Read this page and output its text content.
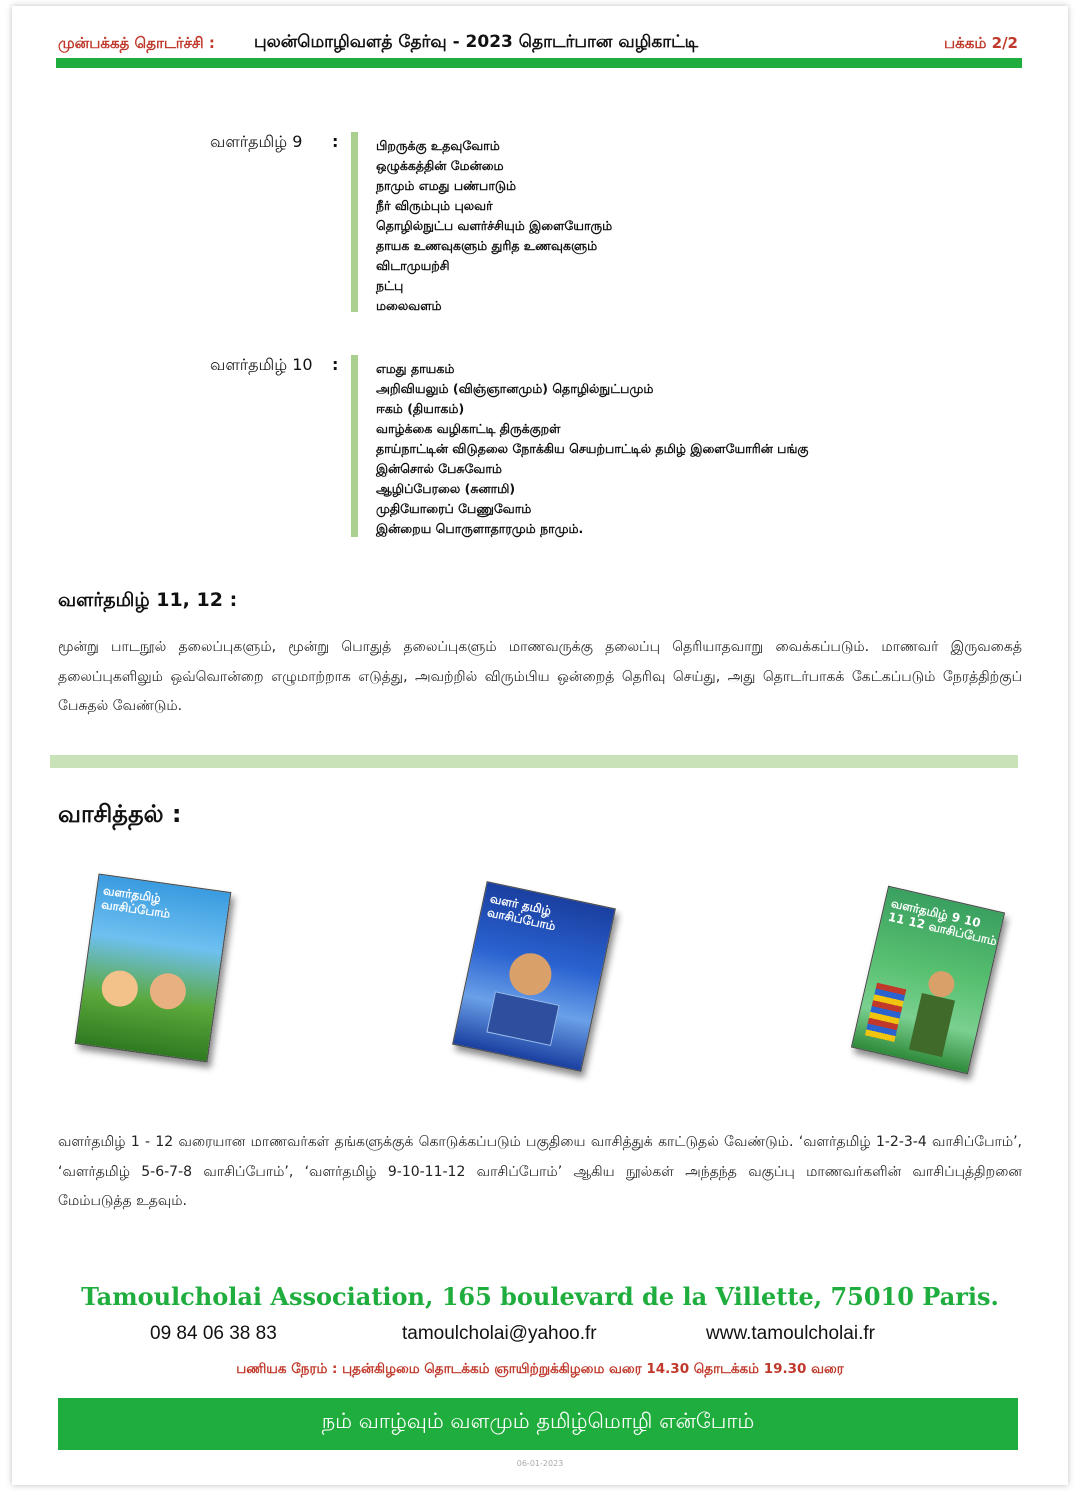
முன்பக்கத் தொடர்ச்சி : புலன்மொழிவளத் தேர்வு - 2023 தொடர்பான வழிகாட்டி	பக்கம் 2/2
வளர்தமிழ் 9	:	பிறருக்கு உதவுவோம்
ஒழுக்கத்தின் மேன்மை
நாமும் எமது பண்பாடும்
நீர் விரும்பும் புலவர்
தொழில்நுட்ப வளர்ச்சியும் இளையோரும்
தாயக உணவுகளும் துரித உணவுகளும்
விடாமுயற்சி
நட்பு
மலைவளம்
வளர்தமிழ் 10	:	எமது தாயகம்
அறிவியலும் (விஞ்ஞானமும்) தொழில்நுட்பமும்
ஈகம் (தியாகம்)
வாழ்க்கை வழிகாட்டி திருக்குறள்
தாய்நாட்டின் விடுதலை நோக்கிய செயற்பாட்டில் தமிழ் இளையோரின் பங்கு
இன்சொல் பேசுவோம்
ஆழிப்பேரலை (சுனாமி)
முதியோரைப் பேணுவோம்
இன்றைய பொருளாதாரமும் நாமும்.
வளர்தமிழ் 11, 12 :

மூன்று பாடநூல் தலைப்புகளும், மூன்று பொதுத் தலைப்புகளும் மாணவருக்கு தலைப்பு தெரியாதவாறு வைக்கப்படும். மாணவர் இருவகைத் தலைப்புகளிலும் ஒவ்வொன்றை எழுமாற்றாக எடுத்து, அவற்றில் விரும்பிய ஒன்றைத் தெரிவு செய்து, அது தொடர்பாகக் கேட்கப்படும் நேரத்திற்குப் பேசுதல் வேண்டும்.

வாசித்தல் :
வளர்தமிழ் வாசிப்போம்	வளர் தமிழ் வாசிப்போம்	வளர்தமிழ் 9 10 11 12 வாசிப்போம்

வளர்தமிழ் 1 - 12 வரையான மாணவர்கள் தங்களுக்குக் கொடுக்கப்படும் பகுதியை வாசித்துக் காட்டுதல் வேண்டும். ‘வளர்தமிழ் 1-2-3-4 வாசிப்போம்’, ‘வளர்தமிழ் 5-6-7-8 வாசிப்போம்’, ‘வளர்தமிழ் 9-10-11-12 வாசிப்போம்’ ஆகிய நூல்கள் அந்தந்த வகுப்பு மாணவர்களின் வாசிப்புத்திறனை மேம்படுத்த உதவும்.

Tamoulcholai Association, 165 boulevard de la Villette, 75010 Paris.
09 84 06 38 83	tamoulcholai@yahoo.fr	www.tamoulcholai.fr
பணியக நேரம் : புதன்கிழமை தொடக்கம் ஞாயிற்றுக்கிழமை வரை 14.30 தொடக்கம் 19.30 வரை
நம் வாழ்வும் வளமும் தமிழ்மொழி என்போம்
06-01-2023
